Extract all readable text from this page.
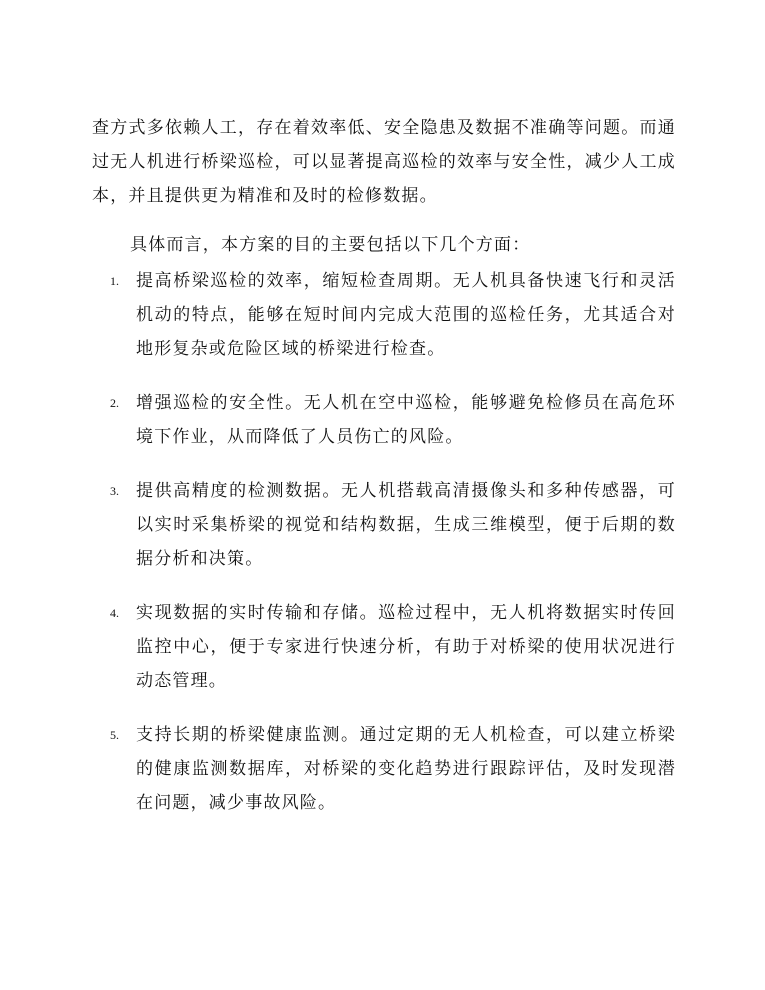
查方式多依赖人工，存在着效率低、安全隐患及数据不准确等问题。而通过无人机进行桥梁巡检，可以显著提高巡检的效率与安全性，减少人工成本，并且提供更为精准和及时的检修数据。

具体而言，本方案的目的主要包括以下几个方面：

1. 提高桥梁巡检的效率，缩短检查周期。无人机具备快速飞行和灵活机动的特点，能够在短时间内完成大范围的巡检任务，尤其适合对地形复杂或危险区域的桥梁进行检查。
2. 增强巡检的安全性。无人机在空中巡检，能够避免检修员在高危环境下作业，从而降低了人员伤亡的风险。
3. 提供高精度的检测数据。无人机搭载高清摄像头和多种传感器，可以实时采集桥梁的视觉和结构数据，生成三维模型，便于后期的数据分析和决策。
4. 实现数据的实时传输和存储。巡检过程中，无人机将数据实时传回监控中心，便于专家进行快速分析，有助于对桥梁的使用状况进行动态管理。
5. 支持长期的桥梁健康监测。通过定期的无人机检查，可以建立桥梁的健康监测数据库，对桥梁的变化趋势进行跟踪评估，及时发现潜在问题，减少事故风险。
